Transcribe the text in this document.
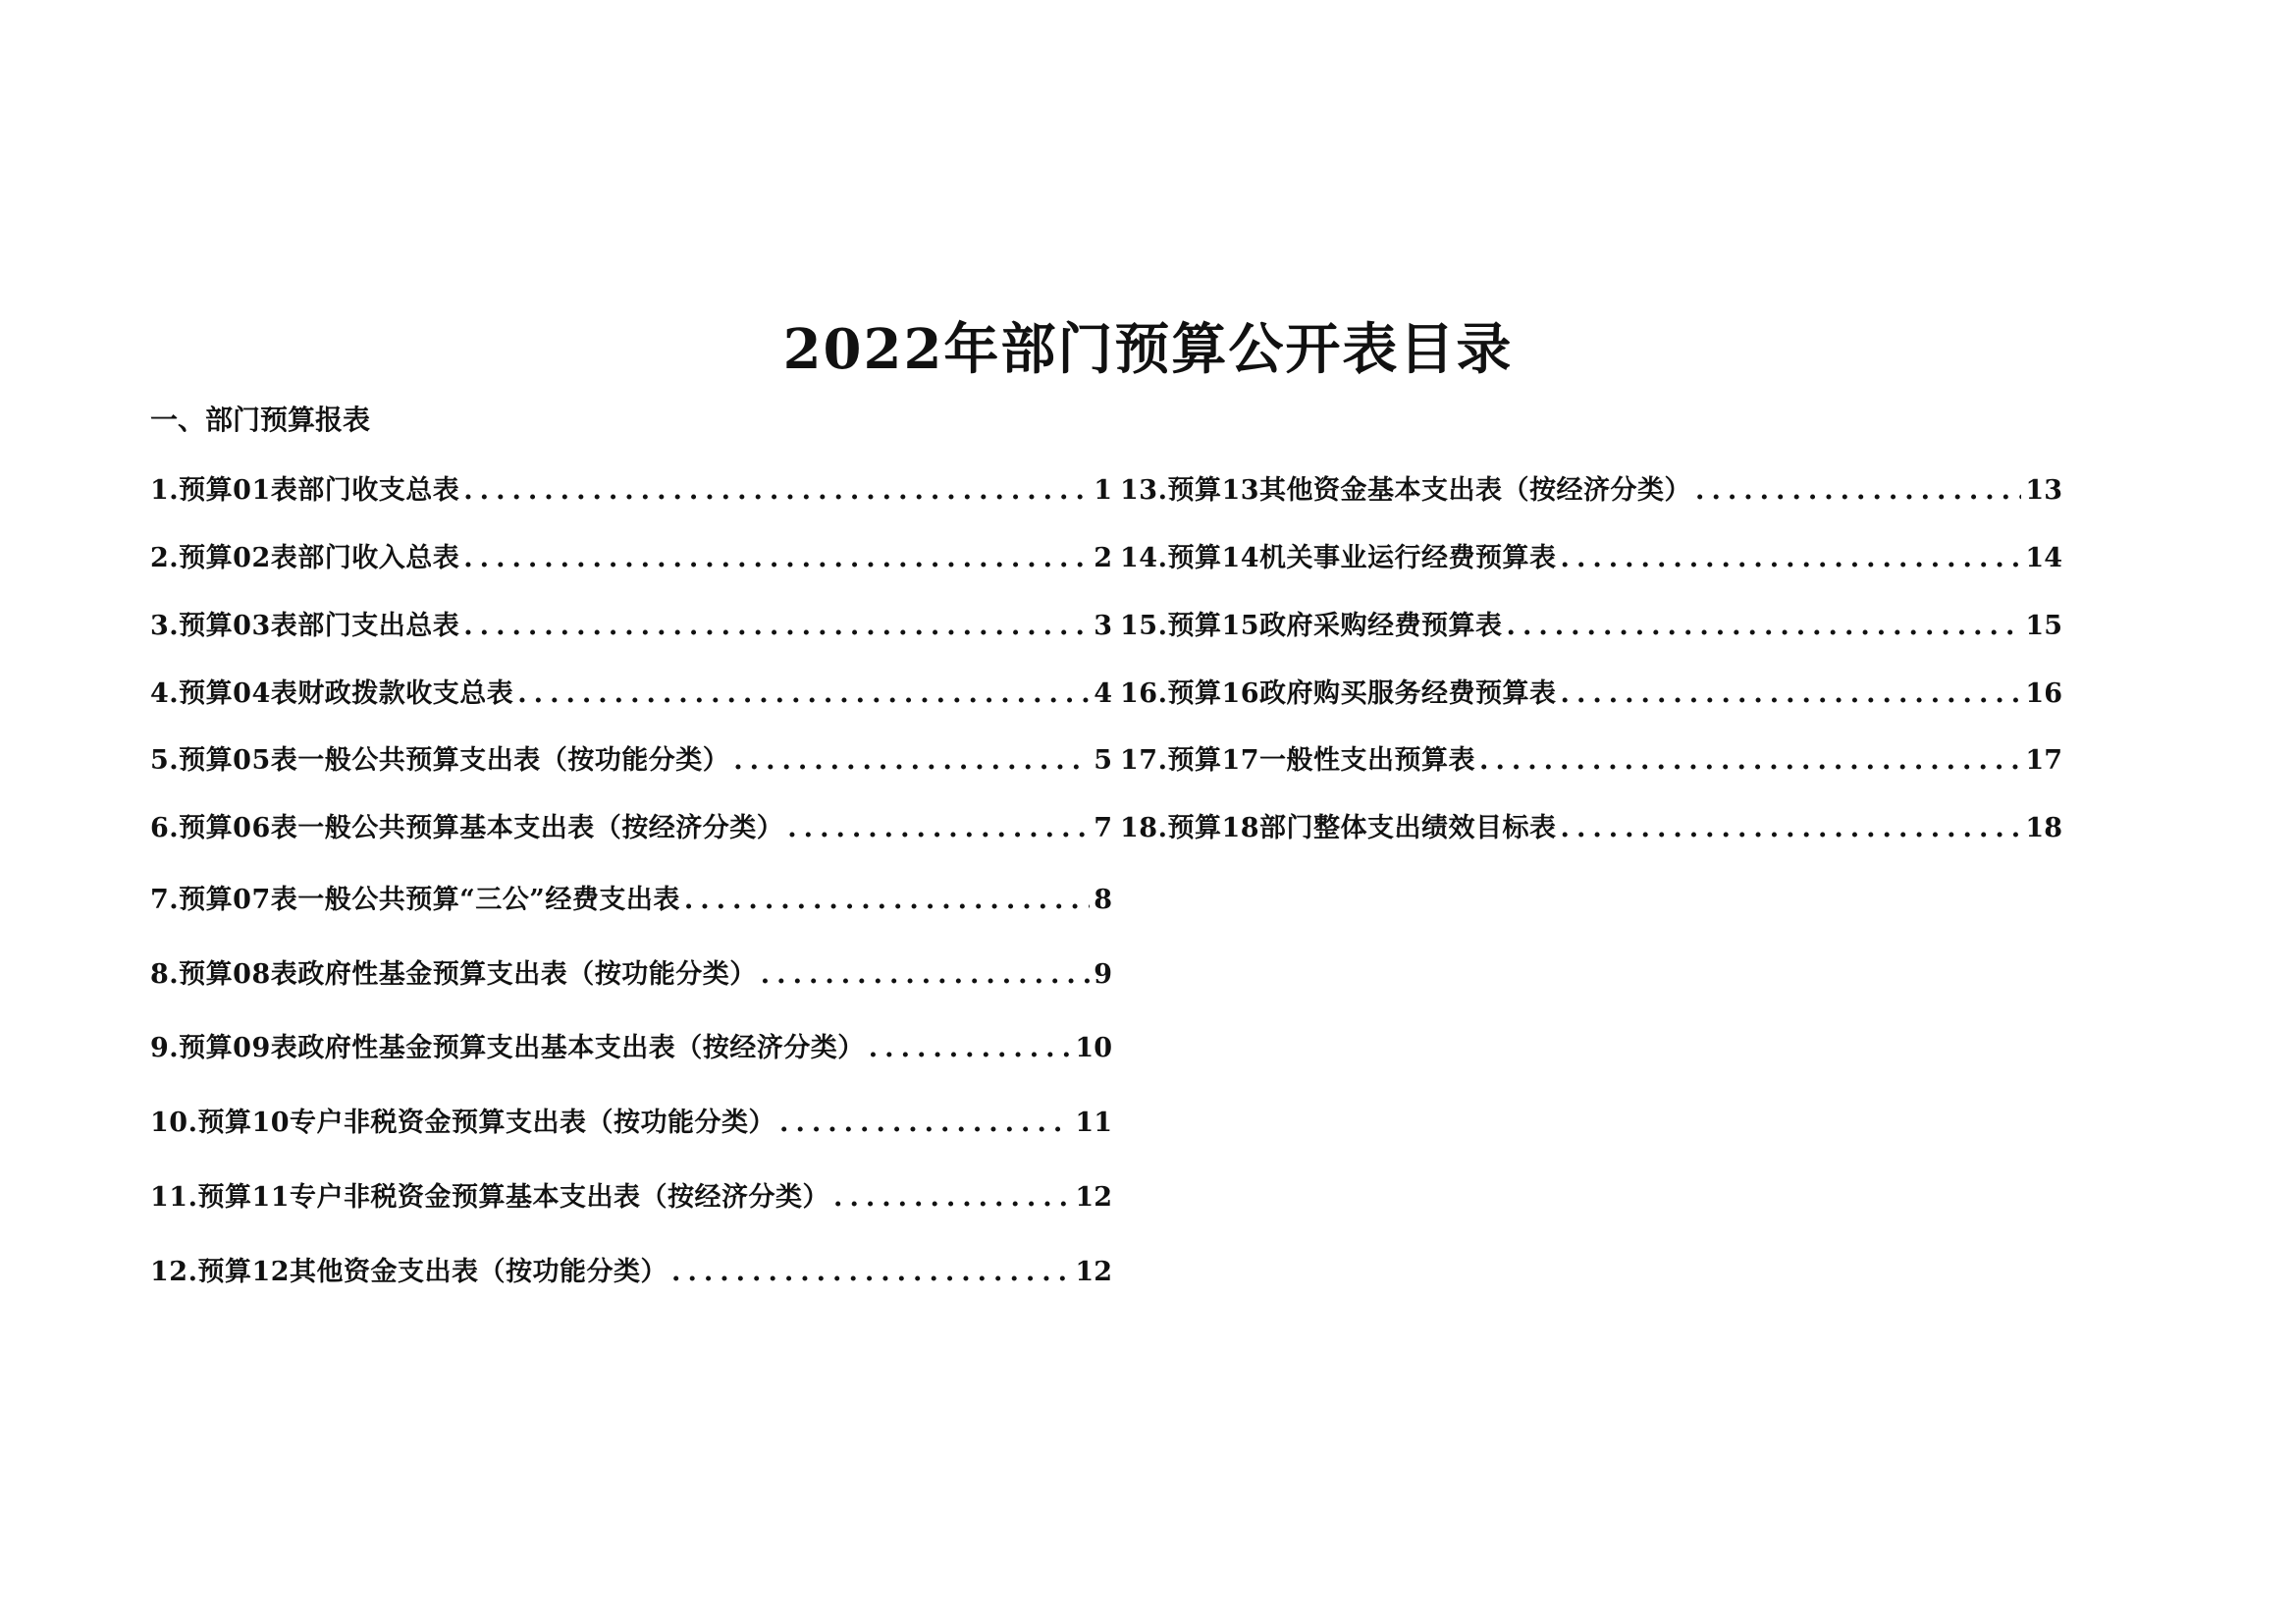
2022年部门预算公开表目录
一、部门预算报表
1.预算01表部门收支总表 .....	1
2.预算02表部门收入总表 .....	2
3.预算03表部门支出总表 .....	3
4.预算04表财政拨款收支总表 .....	4
5.预算05表一般公共预算支出表（按功能分类） .....	5
6.预算06表一般公共预算基本支出表（按经济分类） .....	7
7.预算07表一般公共预算“三公”经费支出表 .....	8
8.预算08表政府性基金预算支出表（按功能分类） .....	9
9.预算09表政府性基金预算支出基本支出表（按经济分类） .....	10
10.预算10专户非税资金预算支出表（按功能分类） .....	11
11.预算11专户非税资金预算基本支出表（按经济分类） .....	12
12.预算12其他资金支出表（按功能分类） .....	12
13.预算13其他资金基本支出表（按经济分类） .....	13
14.预算14机关事业运行经费预算表 .....	14
15.预算15政府采购经费预算表 .....	15
16.预算16政府购买服务经费预算表 .....	16
17.预算17一般性支出预算表 .....	17
18.预算18部门整体支出绩效目标表 .....	18
